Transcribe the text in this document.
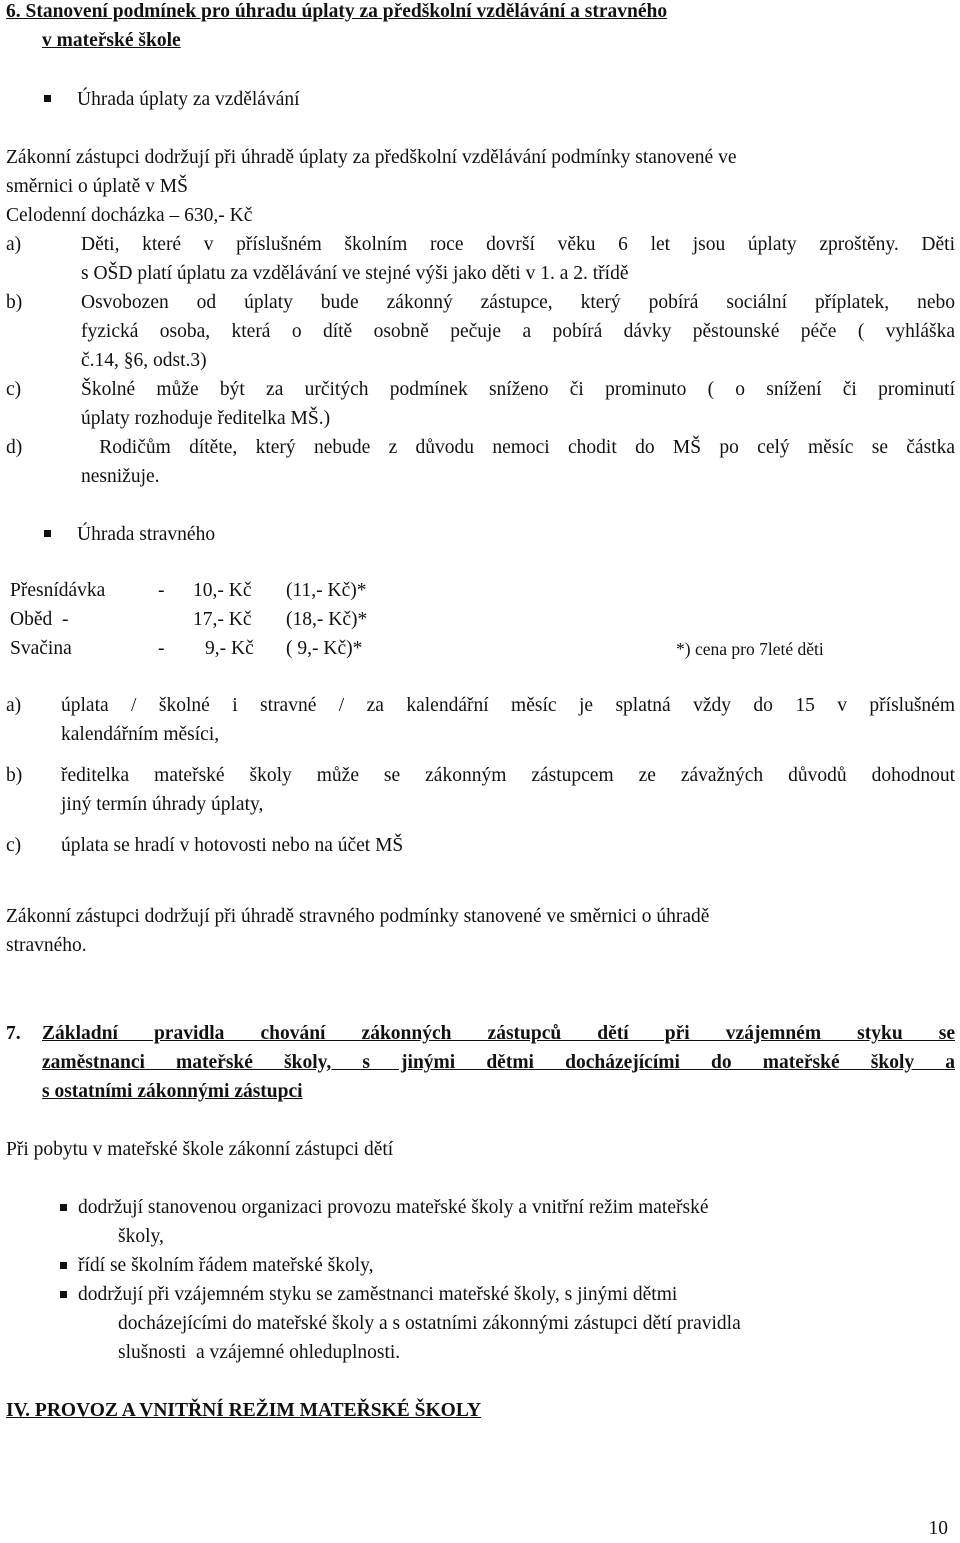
6. Stanovení podmínek pro úhradu úplaty za předškolní vzdělávání a stravného
v mateřské škole
Úhrada úplaty za vzdělávání
Zákonní zástupci dodržují při úhradě úplaty za předškolní vzdělávání podmínky stanovené ve
směrnici o úplatě v MŠ
Celodenní docházka – 630,- Kč
a)	Děti, které v příslušném školním roce dovrší věku 6 let jsou úplaty zproštěny. Děti
s OŠD platí úplatu za vzdělávání ve stejné výši jako děti v 1. a 2. třídě
b)	Osvobozen od úplaty bude zákonný zástupce, který pobírá sociální příplatek, nebo
fyzická osoba, která o dítě osobně pečuje a pobírá dávky pěstounské péče ( vyhláška
č.14, §6, odst.3)
c)	Školné může být za určitých podmínek sníženo či prominuto ( o snížení či prominutí
úplaty rozhoduje ředitelka MŠ.)
d)	Rodičům dítěte, který nebude z důvodu nemoci chodit do MŠ po celý měsíc se částka
nesnižuje.
Úhrada stravného
Přesnídávka	- 10,- Kč (11,- Kč)*
Oběd  -	17,- Kč (18,- Kč)*
Svačina	- 9,- Kč ( 9,- Kč)*	*) cena pro 7leté děti
a) úplata / školné i stravné / za kalendářní měsíc je splatná vždy do 15 v příslušném
kalendářním měsíci,
b) ředitelka mateřské školy může se zákonným zástupcem ze závažných důvodů dohodnout
jiný termín úhrady úplaty,
c) úplata se hradí v hotovosti nebo na účet MŠ
Zákonní zástupci dodržují při úhradě stravného podmínky stanovené ve směrnici o úhradě
stravného.
7. Základní pravidla chování zákonných zástupců dětí při vzájemném styku se
zaměstnanci mateřské školy, s jinými dětmi docházejícími do mateřské školy a
s ostatními zákonnými zástupci
Při pobytu v mateřské škole zákonní zástupci dětí
dodržují stanovenou organizaci provozu mateřské školy a vnitřní režim mateřské
školy,
řídí se školním řádem mateřské školy,
dodržují při vzájemném styku se zaměstnanci mateřské školy, s jinými dětmi
docházejícími do mateřské školy a s ostatními zákonnými zástupci dětí pravidla
slušnosti  a vzájemné ohleduplnosti.
IV. PROVOZ A VNITŘNÍ REŽIM MATEŘSKÉ ŠKOLY
10
